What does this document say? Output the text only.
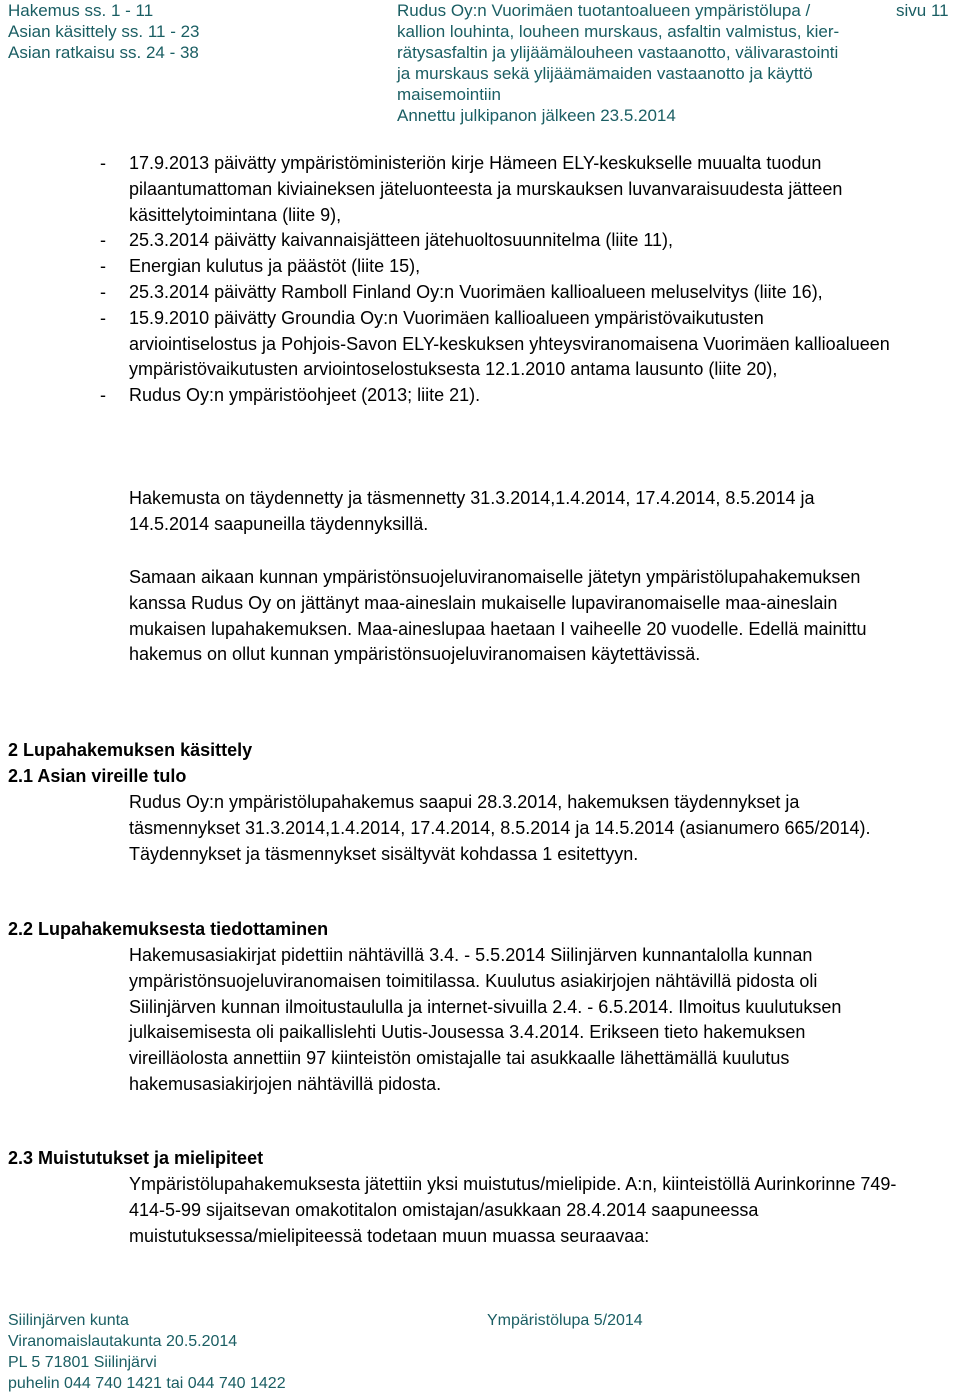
Hakemus ss. 1 - 11
Asian käsittely ss. 11 - 23
Asian ratkaisu ss. 24 - 38
Rudus Oy:n Vuorimäen tuotantoalueen ympäristölupa /
kallion louhinta, louheen murskaus, asfaltin valmistus, kier-
rätysasfaltin ja ylijäämälouheen vastaanotto, välivarastointi
ja murskaus sekä ylijäämämaiden vastaanotto ja käyttö
maisemointiin
Annettu julkipanon jälkeen 23.5.2014
sivu 11
- 17.9.2013 päivätty ympäristöministeriön kirje Hämeen ELY-keskukselle muualta tuodun pilaantumattoman kiviaineksen jäteluonteesta ja murskauksen luvanvaraisuudesta jätteen käsittelytoimintana (liite 9),
- 25.3.2014 päivätty kaivannaisjätteen jätehuoltosuunnitelma (liite 11),
- Energian kulutus ja päästöt (liite 15),
- 25.3.2014 päivätty Ramboll Finland Oy:n Vuorimäen kallioalueen meluselvitys (liite 16),
- 15.9.2010 päivätty Groundia Oy:n Vuorimäen kallioalueen ympäristövaikutusten arviointiselostus ja Pohjois-Savon ELY-keskuksen yhteysviranomaisena Vuorimäen kallioalueen ympäristövaikutusten arviointoselostuksesta 12.1.2010 antama lausunto (liite 20),
- Rudus Oy:n ympäristöohjeet (2013; liite 21).

Hakemusta on täydennetty ja täsmennetty 31.3.2014,1.4.2014, 17.4.2014, 8.5.2014 ja 14.5.2014 saapuneilla täydennyksillä.

Samaan aikaan kunnan ympäristönsuojeluviranomaiselle jätetyn ympäristölupahakemuksen kanssa Rudus Oy on jättänyt maa-aineslain mukaiselle lupaviranomaiselle maa-aineslain mukaisen lupahakemuksen. Maa-aineslupaa haetaan I vaiheelle 20 vuodelle. Edellä mainittu hakemus on ollut kunnan ympäristönsuojeluviranomaisen käytettävissä.

2 Lupahakemuksen käsittely

2.1 Asian vireille tulo

Rudus Oy:n ympäristölupahakemus saapui 28.3.2014, hakemuksen täydennykset ja täsmennykset 31.3.2014,1.4.2014, 17.4.2014, 8.5.2014 ja 14.5.2014 (asianumero 665/2014). Täydennykset ja täsmennykset sisältyvät kohdassa 1 esitettyyn.

2.2 Lupahakemuksesta tiedottaminen

Hakemusasiakirjat pidettiin nähtävillä 3.4. - 5.5.2014 Siilinjärven kunnantalolla kunnan ympäristönsuojeluviranomaisen toimitilassa. Kuulutus asiakirjojen nähtävillä pidosta oli Siilinjärven kunnan ilmoitustaululla ja internet-sivuilla 2.4. - 6.5.2014. Ilmoitus kuulutuksen julkaisemisesta oli paikallislehti Uutis-Jousessa 3.4.2014. Erikseen tieto hakemuksen vireilläolosta annettiin 97 kiinteistön omistajalle tai asukkaalle lähettämällä kuulutus hakemusasiakirjojen nähtävillä pidosta.

2.3 Muistutukset ja mielipiteet

Ympäristölupahakemuksesta jätettiin yksi muistutus/mielipide. A:n, kiinteistöllä Aurinkorinne 749-414-5-99 sijaitsevan omakotitalon omistajan/asukkaan 28.4.2014 saapuneessa muistutuksessa/mielipiteessä todetaan muun muassa seuraavaa:

Siilinjärven kunta
Viranomaislautakunta 20.5.2014
PL 5 71801 Siilinjärvi
puhelin 044 740 1421 tai 044 740 1422
Ympäristölupa 5/2014
